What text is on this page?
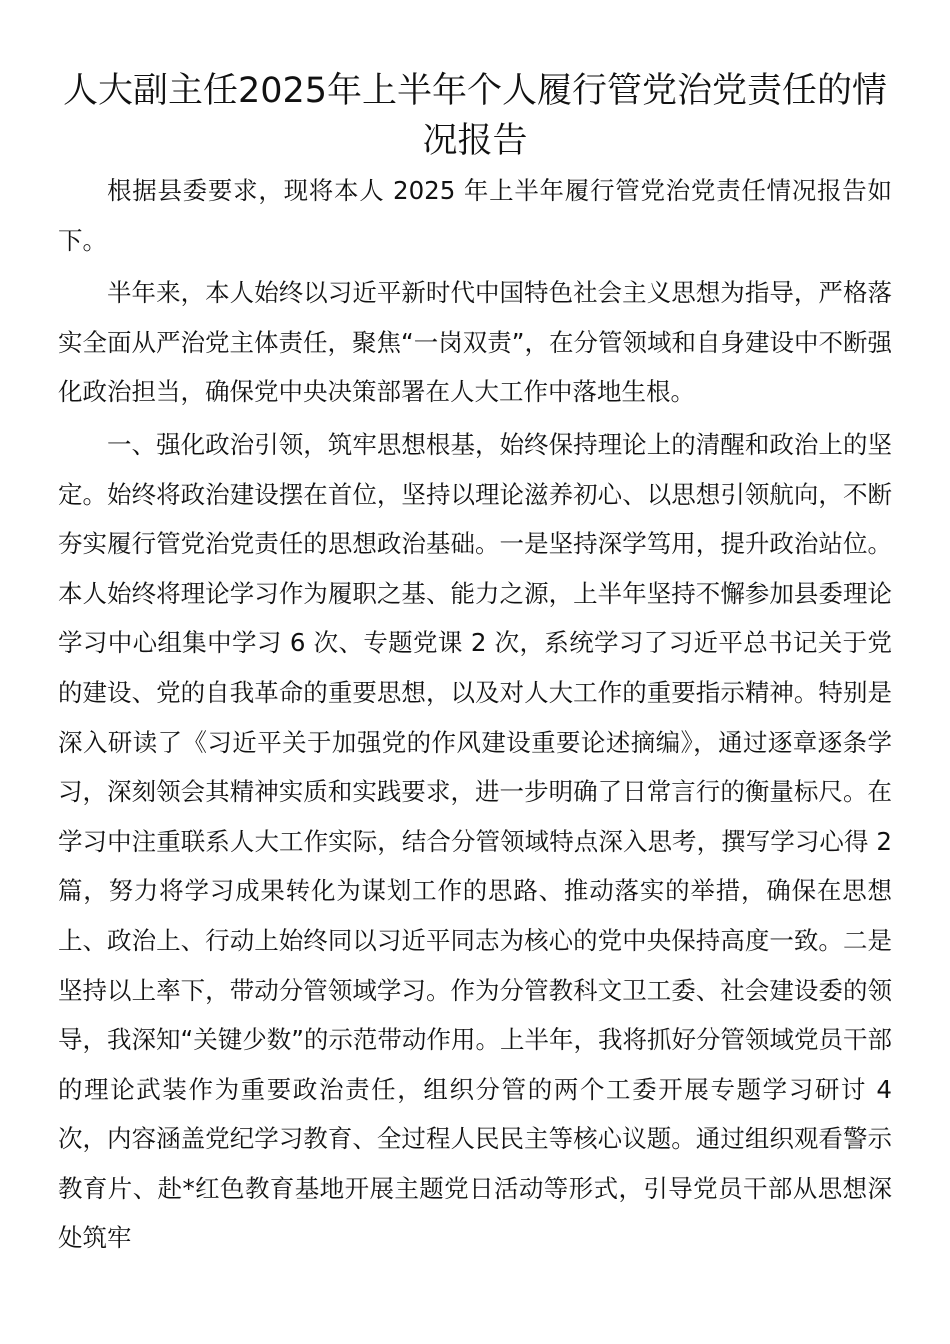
人大副主任2025年上半年个人履行管党治党责任的情况报告

根据县委要求，现将本人 2025 年上半年履行管党治党责任情况报告如下。

半年来，本人始终以习近平新时代中国特色社会主义思想为指导，严格落实全面从严治党主体责任，聚焦“一岗双责”，在分管领域和自身建设中不断强化政治担当，确保党中央决策部署在人大工作中落地生根。

一、强化政治引领，筑牢思想根基，始终保持理论上的清醒和政治上的坚定。始终将政治建设摆在首位，坚持以理论滋养初心、以思想引领航向，不断夯实履行管党治党责任的思想政治基础。一是坚持深学笃用，提升政治站位。本人始终将理论学习作为履职之基、能力之源，上半年坚持不懈参加县委理论学习中心组集中学习 6 次、专题党课 2 次，系统学习了习近平总书记关于党的建设、党的自我革命的重要思想，以及对人大工作的重要指示精神。特别是深入研读了《习近平关于加强党的作风建设重要论述摘编》，通过逐章逐条学习，深刻领会其精神实质和实践要求，进一步明确了日常言行的衡量标尺。在学习中注重联系人大工作实际，结合分管领域特点深入思考，撰写学习心得 2 篇，努力将学习成果转化为谋划工作的思路、推动落实的举措，确保在思想上、政治上、行动上始终同以习近平同志为核心的党中央保持高度一致。二是坚持以上率下，带动分管领域学习。作为分管教科文卫工委、社会建设委的领导，我深知“关键少数”的示范带动作用。上半年，我将抓好分管领域党员干部的理论武装作为重要政治责任，组织分管的两个工委开展专题学习研讨 4 次，内容涵盖党纪学习教育、全过程人民民主等核心议题。通过组织观看警示教育片、赴*红色教育基地开展主题党日活动等形式，引导党员干部从思想深处筑牢
